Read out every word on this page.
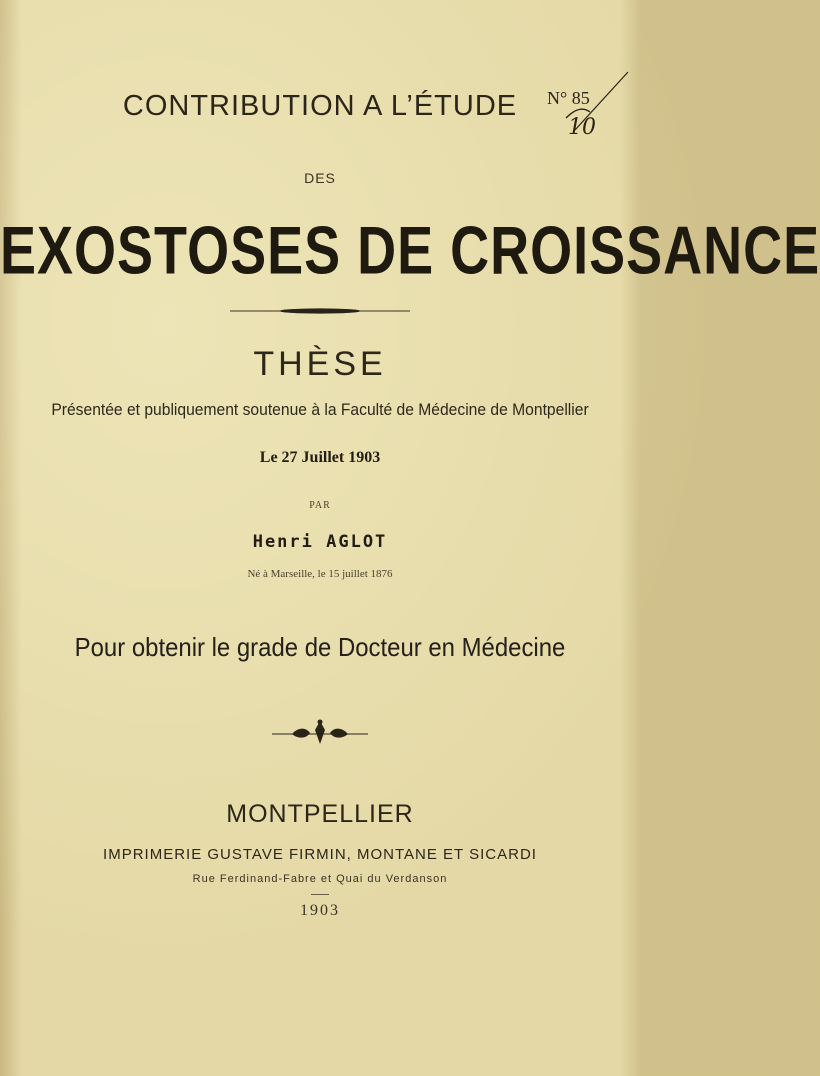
N° 85
10
CONTRIBUTION A L’ÉTUDE
DES
EXOSTOSES DE CROISSANCE
THÈSE
Présentée et publiquement soutenue à la Faculté de Médecine de Montpellier
Le 27 Juillet 1903
PAR
Henri AGLOT
Né à Marseille, le 15 juillet 1876
Pour obtenir le grade de Docteur en Médecine
MONTPELLIER
IMPRIMERIE GUSTAVE FIRMIN, MONTANE ET SICARDI
Rue Ferdinand-Fabre et Quai du Verdanson
1903
